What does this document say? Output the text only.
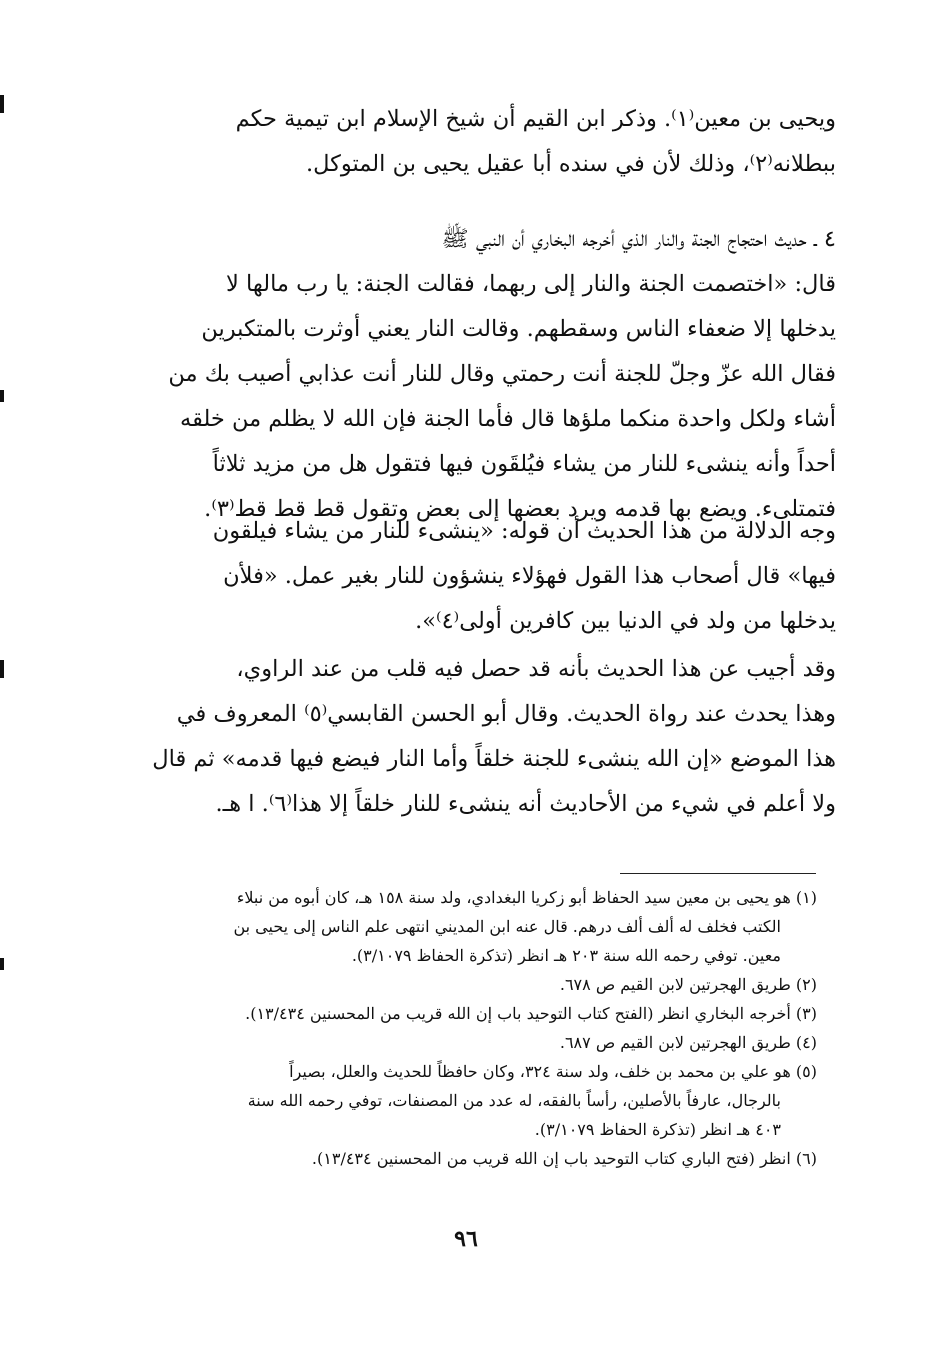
ويحيى بن معين⁽١⁾. وذكر ابن القيم أن شيخ الإسلام ابن تيمية حكم
ببطلانه⁽٢⁾، وذلك لأن في سنده أبا عقيل يحيى بن المتوكل.
٤ ـ حديث احتجاج الجنة والنار الذي أخرجه البخاري أن النبي ﷺ
قال: «اختصمت الجنة والنار إلى ربهما، فقالت الجنة: يا رب مالها لا
يدخلها إلا ضعفاء الناس وسقطهم. وقالت النار يعني أوثرت بالمتكبرين
فقال الله عزّ وجلّ للجنة أنت رحمتي وقال للنار أنت عذابي أصيب بك من
أشاء ولكل واحدة منكما ملؤها قال فأما الجنة فإن الله لا يظلم من خلقه
أحداً وأنه ينشىء للنار من يشاء فيُلقَون فيها فتقول هل من مزيد ثلاثاً
فتمتلىء. ويضع بها قدمه ويرد بعضها إلى بعض وتقول قط قط قط⁽٣⁾.
وجه الدلالة من هذا الحديث أن قوله: «ينشىء للنار من يشاء فيلقون
فيها» قال أصحاب هذا القول فهؤلاء ينشؤون للنار بغير عمل. «فلأن
يدخلها من ولد في الدنيا بين كافرين أولى⁽٤⁾».
وقد أجيب عن هذا الحديث بأنه قد حصل فيه قلب من عند الراوي،
وهذا يحدث عند رواة الحديث. وقال أبو الحسن القابسي⁽٥⁾ المعروف في
هذا الموضع «إن الله ينشىء للجنة خلقاً وأما النار فيضع فيها قدمه» ثم قال
ولا أعلم في شيء من الأحاديث أنه ينشىء للنار خلقاً إلا هذا⁽٦⁾. ا هـ.
(١) هو يحيى بن معين سيد الحفاظ أبو زكريا البغدادي، ولد سنة ١٥٨ هـ، كان أبوه من نبلاء
الكتب فخلف له ألف ألف درهم. قال عنه ابن المديني انتهى علم الناس إلى يحيى بن
معين. توفي رحمه الله سنة ٢٠٣ هـ انظر (تذكرة الحفاظ ٣/١٠٧٩).
(٢) طريق الهجرتين لابن القيم ص ٦٧٨.
(٣) أخرجه البخاري انظر (الفتح كتاب التوحيد باب إن الله قريب من المحسنين ١٣/٤٣٤).
(٤) طريق الهجرتين لابن القيم ص ٦٨٧.
(٥) هو علي بن محمد بن خلف، ولد سنة ٣٢٤، وكان حافظاً للحديث والعلل، بصيراً
بالرجال، عارفاً بالأصلين، رأساً بالفقه، له عدد من المصنفات، توفي رحمه الله سنة
٤٠٣ هـ انظر (تذكرة الحفاظ ٣/١٠٧٩).
(٦) انظر (فتح الباري كتاب التوحيد باب إن الله قريب من المحسنين ١٣/٤٣٤).
٩٦
